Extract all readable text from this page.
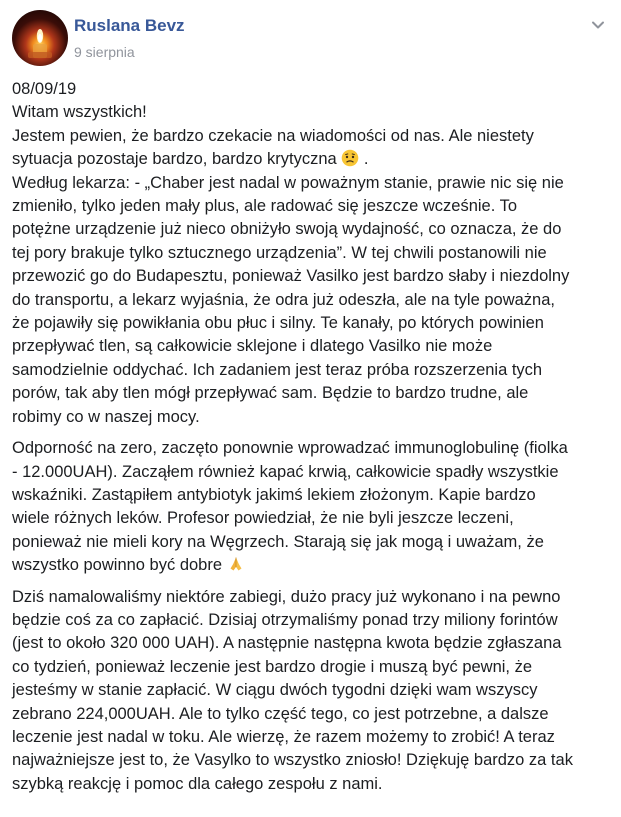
Ruslana Bevz
9 sierpnia
08/09/19
Witam wszystkich!
Jestem pewien, że bardzo czekacie na wiadomości od nas. Ale niestety
sytuacja pozostaje bardzo, bardzo krytyczna  .
Według lekarza: - „Chaber jest nadal w poważnym stanie, prawie nic się nie
zmieniło, tylko jeden mały plus, ale radować się jeszcze wcześnie. To
potężne urządzenie już nieco obniżyło swoją wydajność, co oznacza, że do
tej pory brakuje tylko sztucznego urządzenia”. W tej chwili postanowili nie
przewozić go do Budapesztu, ponieważ Vasilko jest bardzo słaby i niezdolny
do transportu, a lekarz wyjaśnia, że odra już odeszła, ale na tyle poważna,
że pojawiły się powikłania obu płuc i silny. Te kanały, po których powinien
przepływać tlen, są całkowicie sklejone i dlatego Vasilko nie może
samodzielnie oddychać. Ich zadaniem jest teraz próba rozszerzenia tych
porów, tak aby tlen mógł przepływać sam. Będzie to bardzo trudne, ale
robimy co w naszej mocy.
Odporność na zero, zaczęto ponownie wprowadzać immunoglobulinę (fiolka
- 12.000UAH). Zacząłem również kapać krwią, całkowicie spadły wszystkie
wskaźniki. Zastąpiłem antybiotyk jakimś lekiem złożonym. Kapie bardzo
wiele różnych leków. Profesor powiedział, że nie byli jeszcze leczeni,
ponieważ nie mieli kory na Węgrzech. Starają się jak mogą i uważam, że
wszystko powinno być dobre
Dziś namalowaliśmy niektóre zabiegi, dużo pracy już wykonano i na pewno
będzie coś za co zapłacić. Dzisiaj otrzymaliśmy ponad trzy miliony forintów
(jest to około 320 000 UAH). A następnie następna kwota będzie zgłaszana
co tydzień, ponieważ leczenie jest bardzo drogie i muszą być pewni, że
jesteśmy w stanie zapłacić. W ciągu dwóch tygodni dzięki wam wszyscy
zebrano 224,000UAH. Ale to tylko część tego, co jest potrzebne, a dalsze
leczenie jest nadal w toku. Ale wierzę, że razem możemy to zrobić! A teraz
najważniejsze jest to, że Vasylko to wszystko zniosło! Dziękuję bardzo za tak
szybką reakcję i pomoc dla całego zespołu z nami.
